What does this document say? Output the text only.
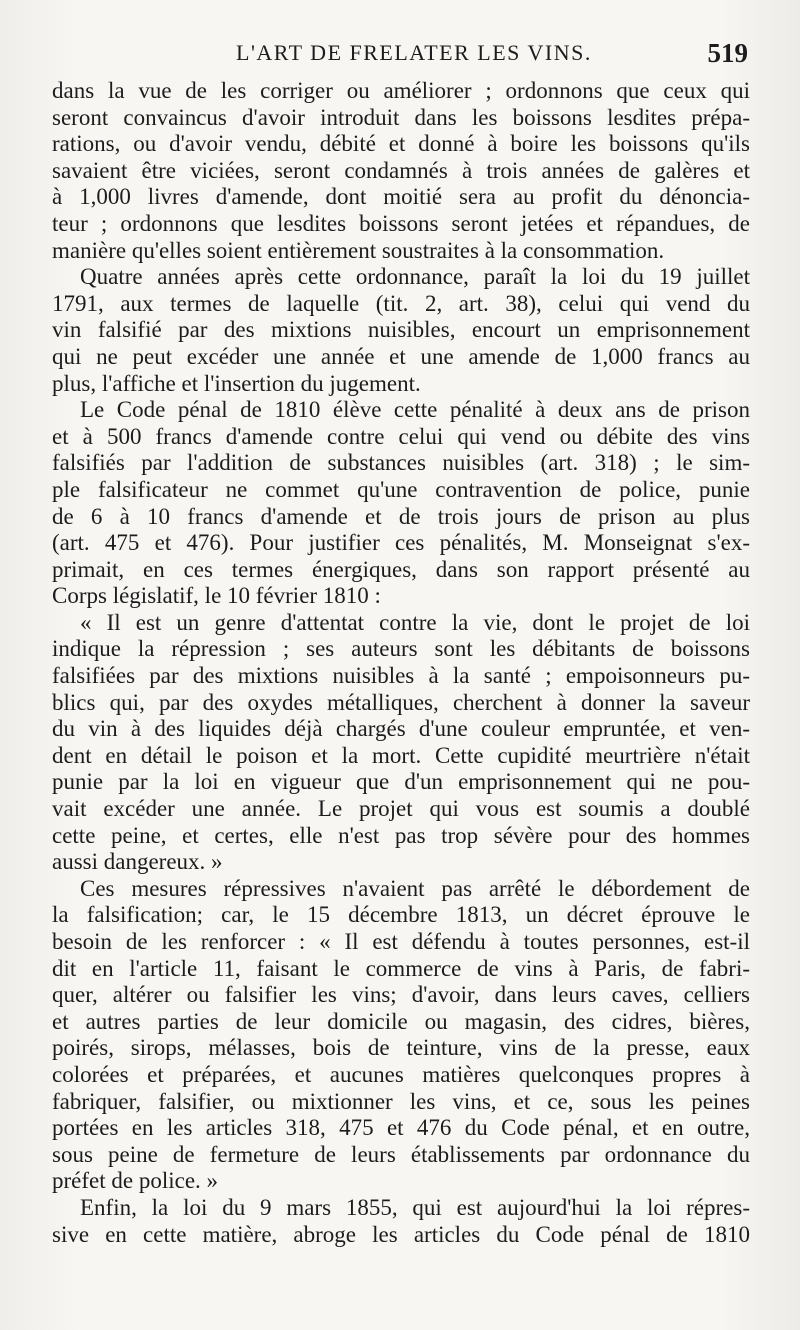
L'ART DE FRELATER LES VINS.	519
dans la vue de les corriger ou améliorer ; ordonnons que ceux qui
seront convaincus d'avoir introduit dans les boissons lesdites prépa-
rations, ou d'avoir vendu, débité et donné à boire les boissons qu'ils
savaient être viciées, seront condamnés à trois années de galères et
à 1,000 livres d'amende, dont moitié sera au profit du dénoncia-
teur ; ordonnons que lesdites boissons seront jetées et répandues, de
manière qu'elles soient entièrement soustraites à la consommation.
Quatre années après cette ordonnance, paraît la loi du 19 juillet
1791, aux termes de laquelle (tit. 2, art. 38), celui qui vend du
vin falsifié par des mixtions nuisibles, encourt un emprisonnement
qui ne peut excéder une année et une amende de 1,000 francs au
plus, l'affiche et l'insertion du jugement.
Le Code pénal de 1810 élève cette pénalité à deux ans de prison
et à 500 francs d'amende contre celui qui vend ou débite des vins
falsifiés par l'addition de substances nuisibles (art. 318) ; le sim-
ple falsificateur ne commet qu'une contravention de police, punie
de 6 à 10 francs d'amende et de trois jours de prison au plus
(art. 475 et 476). Pour justifier ces pénalités, M. Monseignat s'ex-
primait, en ces termes énergiques, dans son rapport présenté au
Corps législatif, le 10 février 1810 :
« Il est un genre d'attentat contre la vie, dont le projet de loi
indique la répression ; ses auteurs sont les débitants de boissons
falsifiées par des mixtions nuisibles à la santé ; empoisonneurs pu-
blics qui, par des oxydes métalliques, cherchent à donner la saveur
du vin à des liquides déjà chargés d'une couleur empruntée, et ven-
dent en détail le poison et la mort. Cette cupidité meurtrière n'était
punie par la loi en vigueur que d'un emprisonnement qui ne pou-
vait excéder une année. Le projet qui vous est soumis a doublé
cette peine, et certes, elle n'est pas trop sévère pour des hommes
aussi dangereux. »
Ces mesures répressives n'avaient pas arrêté le débordement de
la falsification; car, le 15 décembre 1813, un décret éprouve le
besoin de les renforcer : « Il est défendu à toutes personnes, est-il
dit en l'article 11, faisant le commerce de vins à Paris, de fabri-
quer, altérer ou falsifier les vins; d'avoir, dans leurs caves, celliers
et autres parties de leur domicile ou magasin, des cidres, bières,
poirés, sirops, mélasses, bois de teinture, vins de la presse, eaux
colorées et préparées, et aucunes matières quelconques propres à
fabriquer, falsifier, ou mixtionner les vins, et ce, sous les peines
portées en les articles 318, 475 et 476 du Code pénal, et en outre,
sous peine de fermeture de leurs établissements par ordonnance du
préfet de police. »
Enfin, la loi du 9 mars 1855, qui est aujourd'hui la loi répres-
sive en cette matière, abroge les articles du Code pénal de 1810
